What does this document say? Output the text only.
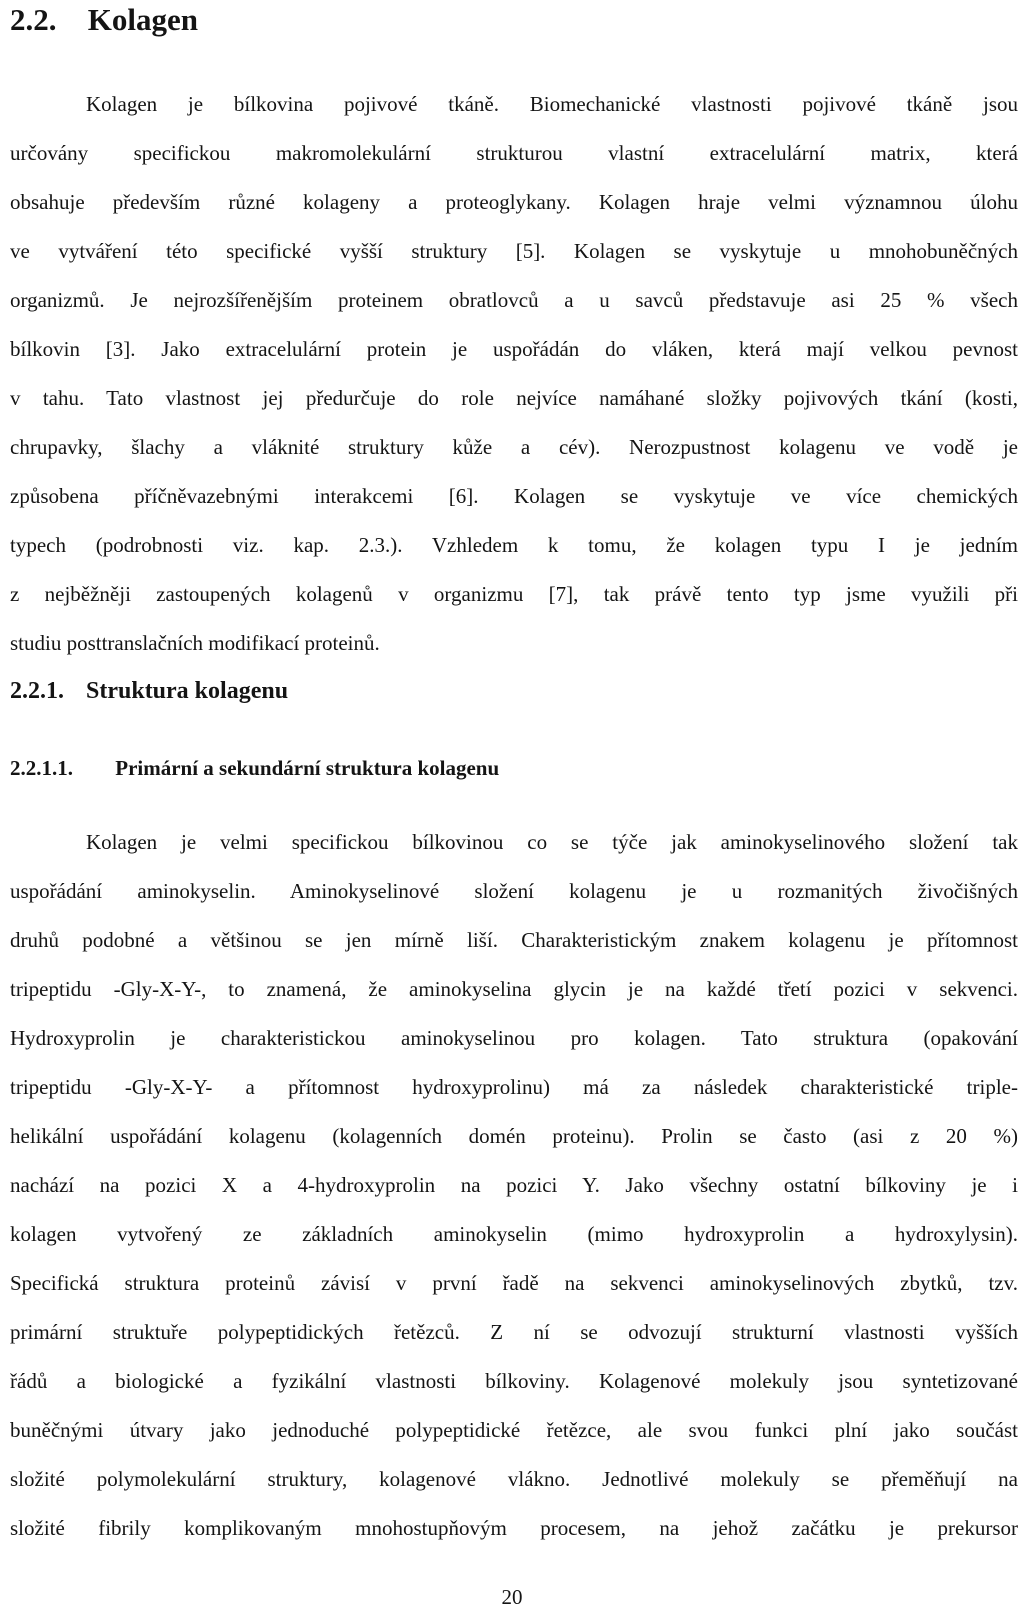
2.2. Kolagen
Kolagen je bílkovina pojivové tkáně. Biomechanické vlastnosti pojivové tkáně jsou
určovány specifickou makromolekulární strukturou vlastní extracelulární matrix, která
obsahuje především různé kolageny a proteoglykany. Kolagen hraje velmi významnou úlohu
ve vytváření této specifické vyšší struktury [5]. Kolagen se vyskytuje u mnohobuněčných
organizmů. Je nejrozšířenějším proteinem obratlovců a u savců představuje asi 25 % všech
bílkovin [3]. Jako extracelulární protein je uspořádán do vláken, která mají velkou pevnost
v tahu. Tato vlastnost jej předurčuje do role nejvíce namáhané složky pojivových tkání (kosti,
chrupavky, šlachy a vláknité struktury kůže a cév). Nerozpustnost kolagenu ve vodě je
způsobena příčněvazebnými interakcemi [6]. Kolagen se vyskytuje ve více chemických
typech (podrobnosti viz. kap. 2.3.). Vzhledem k tomu, že kolagen typu I je jedním
z nejběžněji zastoupených kolagenů v organizmu [7], tak právě tento typ jsme využili při
studiu posttranslačních modifikací proteinů.
2.2.1. Struktura kolagenu
2.2.1.1. Primární a sekundární struktura kolagenu
Kolagen je velmi specifickou bílkovinou co se týče jak aminokyselinového složení tak
uspořádání aminokyselin. Aminokyselinové složení kolagenu je u rozmanitých živočišných
druhů podobné a většinou se jen mírně liší. Charakteristickým znakem kolagenu je přítomnost
tripeptidu -Gly-X-Y-, to znamená, že aminokyselina glycin je na každé třetí pozici v sekvenci.
Hydroxyprolin je charakteristickou aminokyselinou pro kolagen. Tato struktura (opakování
tripeptidu -Gly-X-Y- a přítomnost hydroxyprolinu) má za následek charakteristické triple-
helikální uspořádání kolagenu (kolagenních domén proteinu). Prolin se často (asi z 20 %)
nachází na pozici X a 4-hydroxyprolin na pozici Y. Jako všechny ostatní bílkoviny je i
kolagen vytvořený ze základních aminokyselin (mimo hydroxyprolin a hydroxylysin).
Specifická struktura proteinů závisí v první řadě na sekvenci aminokyselinových zbytků, tzv.
primární struktuře polypeptidických řetězců. Z ní se odvozují strukturní vlastnosti vyšších
řádů a biologické a fyzikální vlastnosti bílkoviny. Kolagenové molekuly jsou syntetizované
buněčnými útvary jako jednoduché polypeptidické řetězce, ale svou funkci plní jako součást
složité polymolekulární struktury, kolagenové vlákno. Jednotlivé molekuly se přeměňují na
složité fibrily komplikovaným mnohostupňovým procesem, na jehož začátku je prekursor
20
